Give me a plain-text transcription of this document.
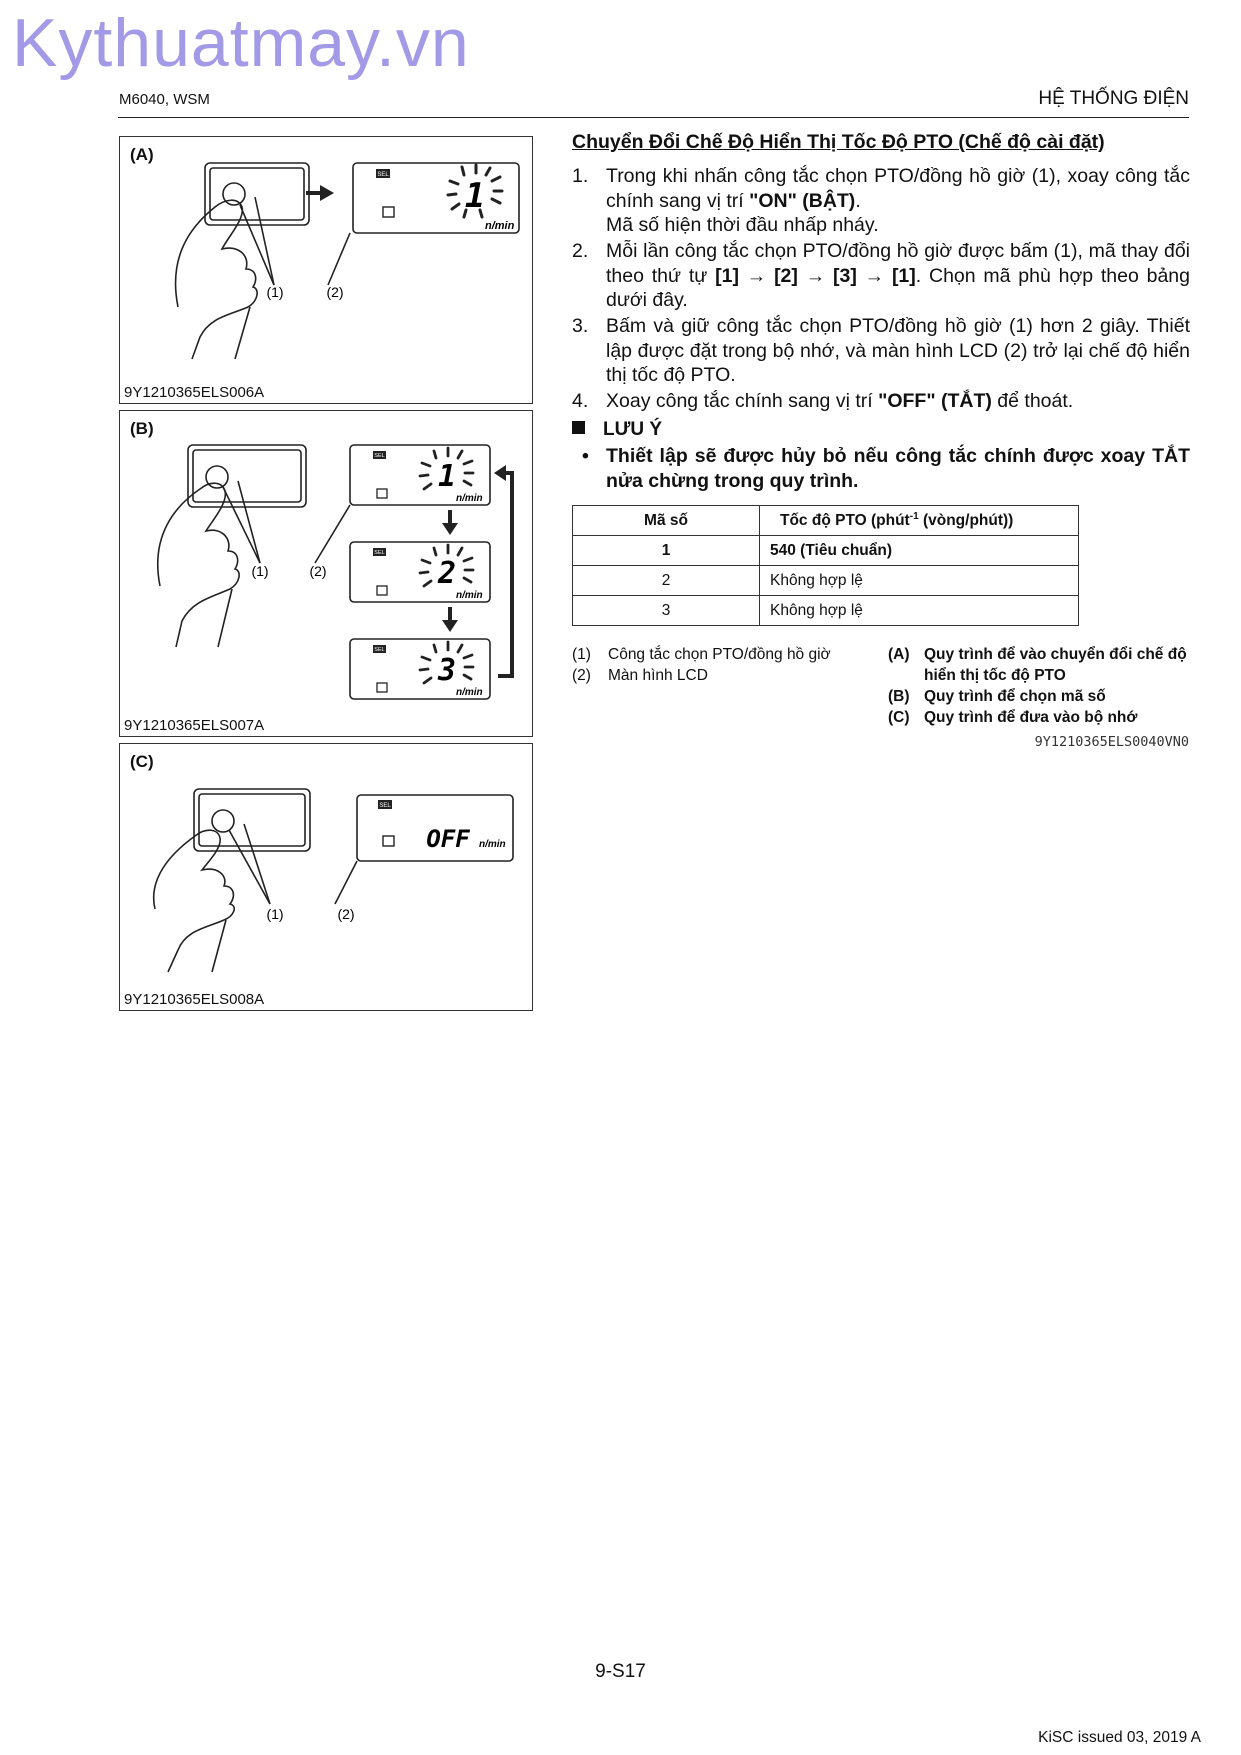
Kythuatmay.vn
M6040, WSM	HỆ THỐNG ĐIỆN
SEL
1
n/min
(1)	(2)
(A)
9Y1210365ELS006A
SEL
SEL
SEL
1
2
3
n/min
n/min
n/min
(1)	(2)
(B)
9Y1210365ELS007A
SEL
OFF n/min
(1)	(2)
(C)
9Y1210365ELS008A
Chuyển Đổi Chế Độ Hiển Thị Tốc Độ PTO (Chế độ cài đặt)
1. Trong khi nhấn công tắc chọn PTO/đồng hồ giờ (1), xoay công tắc chính sang vị trí "ON" (BẬT).
Mã số hiện thời đầu nhấp nháy.
2. Mỗi lần công tắc chọn PTO/đồng hồ giờ được bấm (1), mã thay đổi theo thứ tự [1] → [2] → [3] → [1]. Chọn mã phù hợp theo bảng dưới đây.
3. Bấm và giữ công tắc chọn PTO/đồng hồ giờ (1) hơn 2 giây. Thiết lập được đặt trong bộ nhớ, và màn hình LCD (2) trở lại chế độ hiển thị tốc độ PTO.
4. Xoay công tắc chính sang vị trí "OFF" (TẮT) để thoát.
LƯU Ý
• Thiết lập sẽ được hủy bỏ nếu công tắc chính được xoay TẮT nửa chừng trong quy trình.
Mã số	Tốc độ PTO (phút$^{-1}$ (vòng/phút))
1	540 (Tiêu chuẩn)
2	Không hợp lệ
3	Không hợp lệ
(1) Công tắc chọn PTO/đồng hồ giờ
(2) Màn hình LCD
(A) Quy trình để vào chuyển đổi chế độ hiển thị tốc độ PTO
(B) Quy trình để chọn mã số
(C) Quy trình để đưa vào bộ nhớ
9Y1210365ELS0040VN0
9-S17
KiSC issued 03, 2019 A
